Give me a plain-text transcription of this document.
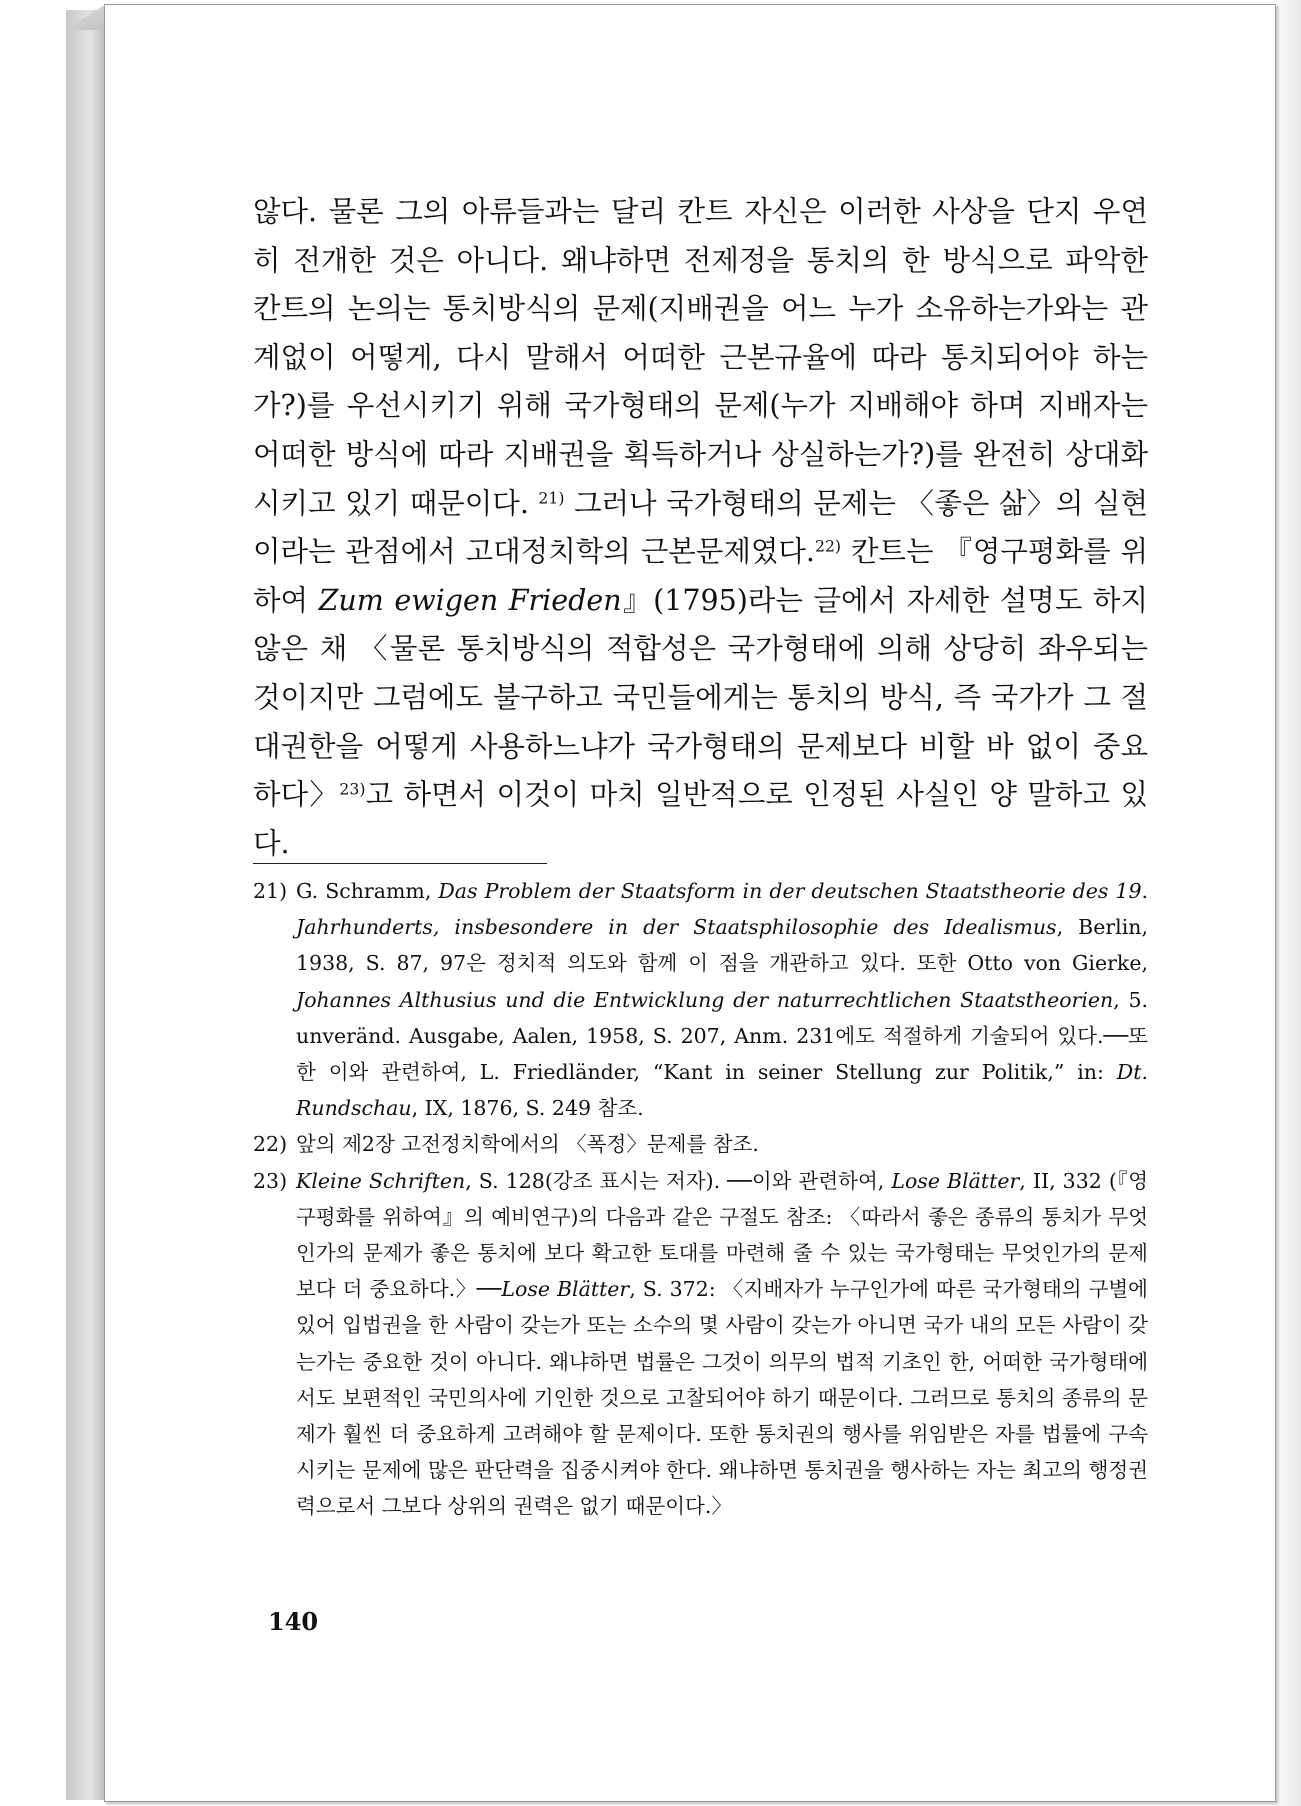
않다. 물론 그의 아류들과는 달리 칸트 자신은 이러한 사상을 단지 우연히 전개한 것은 아니다. 왜냐하면 전제정을 통치의 한 방식으로 파악한 칸트의 논의는 통치방식의 문제(지배권을 어느 누가 소유하는가와는 관계없이 어떻게, 다시 말해서 어떠한 근본규율에 따라 통치되어야 하는가?)를 우선시키기 위해 국가형태의 문제(누가 지배해야 하며 지배자는 어떠한 방식에 따라 지배권을 획득하거나 상실하는가?)를 완전히 상대화시키고 있기 때문이다. $^{21)}$ 그러나 국가형태의 문제는 〈좋은 삶〉의 실현이라는 관점에서 고대정치학의 근본문제였다.$^{22)}$ 칸트는 『영구평화를 위하여 Zum ewigen Frieden』(1795)라는 글에서 자세한 설명도 하지 않은 채 〈물론 통치방식의 적합성은 국가형태에 의해 상당히 좌우되는 것이지만 그럼에도 불구하고 국민들에게는 통치의 방식, 즉 국가가 그 절대권한을 어떻게 사용하느냐가 국가형태의 문제보다 비할 바 없이 중요하다〉$^{23)}$고 하면서 이것이 마치 일반적으로 인정된 사실인 양 말하고 있다.

21) G. Schramm, Das Problem der Staatsform in der deutschen Staatstheorie des 19. Jahrhunderts, insbesondere in der Staatsphilosophie des Idealismus, Berlin, 1938, S. 87, 97은 정치적 의도와 함께 이 점을 개관하고 있다. 또한 Otto von Gierke, Johannes Althusius und die Entwicklung der naturrechtlichen Staatstheorien, 5. unveränd. Ausgabe, Aalen, 1958, S. 207, Anm. 231에도 적절하게 기술되어 있다.──또한 이와 관련하여, L. Friedländer, “Kant in seiner Stellung zur Politik,” in: Dt. Rundschau, IX, 1876, S. 249 참조.
22) 앞의 제2장 고전정치학에서의 〈폭정〉문제를 참조.
23) Kleine Schriften, S. 128(강조 표시는 저자). ──이와 관련하여, Lose Blätter, II, 332 (『영구평화를 위하여』의 예비연구)의 다음과 같은 구절도 참조: 〈따라서 좋은 종류의 통치가 무엇인가의 문제가 좋은 통치에 보다 확고한 토대를 마련해 줄 수 있는 국가형태는 무엇인가의 문제보다 더 중요하다.〉──Lose Blätter, S. 372: 〈지배자가 누구인가에 따른 국가형태의 구별에 있어 입법권을 한 사람이 갖는가 또는 소수의 몇 사람이 갖는가 아니면 국가 내의 모든 사람이 갖는가는 중요한 것이 아니다. 왜냐하면 법률은 그것이 의무의 법적 기초인 한, 어떠한 국가형태에서도 보편적인 국민의사에 기인한 것으로 고찰되어야 하기 때문이다. 그러므로 통치의 종류의 문제가 훨씬 더 중요하게 고려해야 할 문제이다. 또한 통치권의 행사를 위임받은 자를 법률에 구속시키는 문제에 많은 판단력을 집중시켜야 한다. 왜냐하면 통치권을 행사하는 자는 최고의 행정권력으로서 그보다 상위의 권력은 없기 때문이다.〉
140
